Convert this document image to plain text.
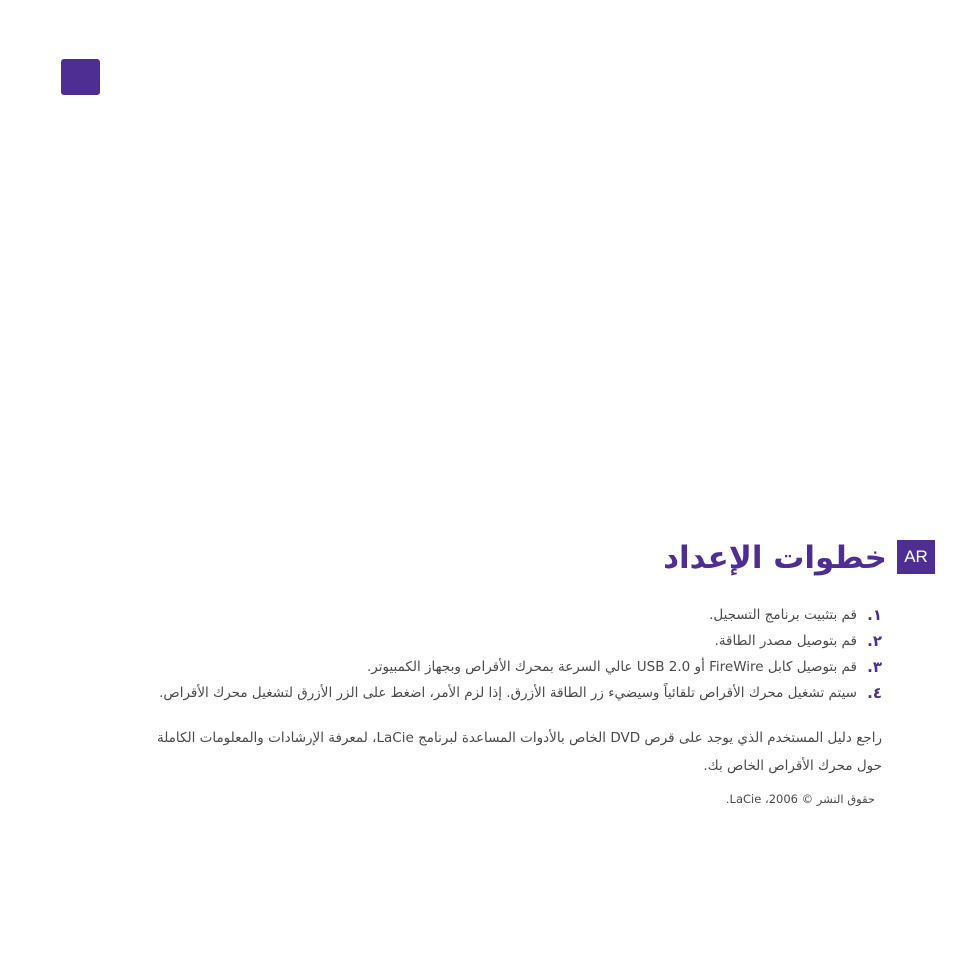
AR
خطوات الإعداد
١.
قم بتثبيت برنامج التسجيل.
٢.
قم بتوصيل مصدر الطاقة.
٣.
قم بتوصيل كابل FireWire أو USB 2.0 عالي السرعة بمحرك الأقراص وبجهاز الكمبيوتر.
٤.
سيتم تشغيل محرك الأقراص تلقائياً وسيضيء زر الطاقة الأزرق. إذا لزم الأمر، اضغط على الزر الأزرق لتشغيل محرك الأقراص.

راجع دليل المستخدم الذي يوجد على قرص DVD الخاص بالأدوات المساعدة لبرنامج LaCie، لمعرفة الإرشادات والمعلومات الكاملة حول محرك الأقراص الخاص بك.

حقوق النشر © 2006، LaCie.
